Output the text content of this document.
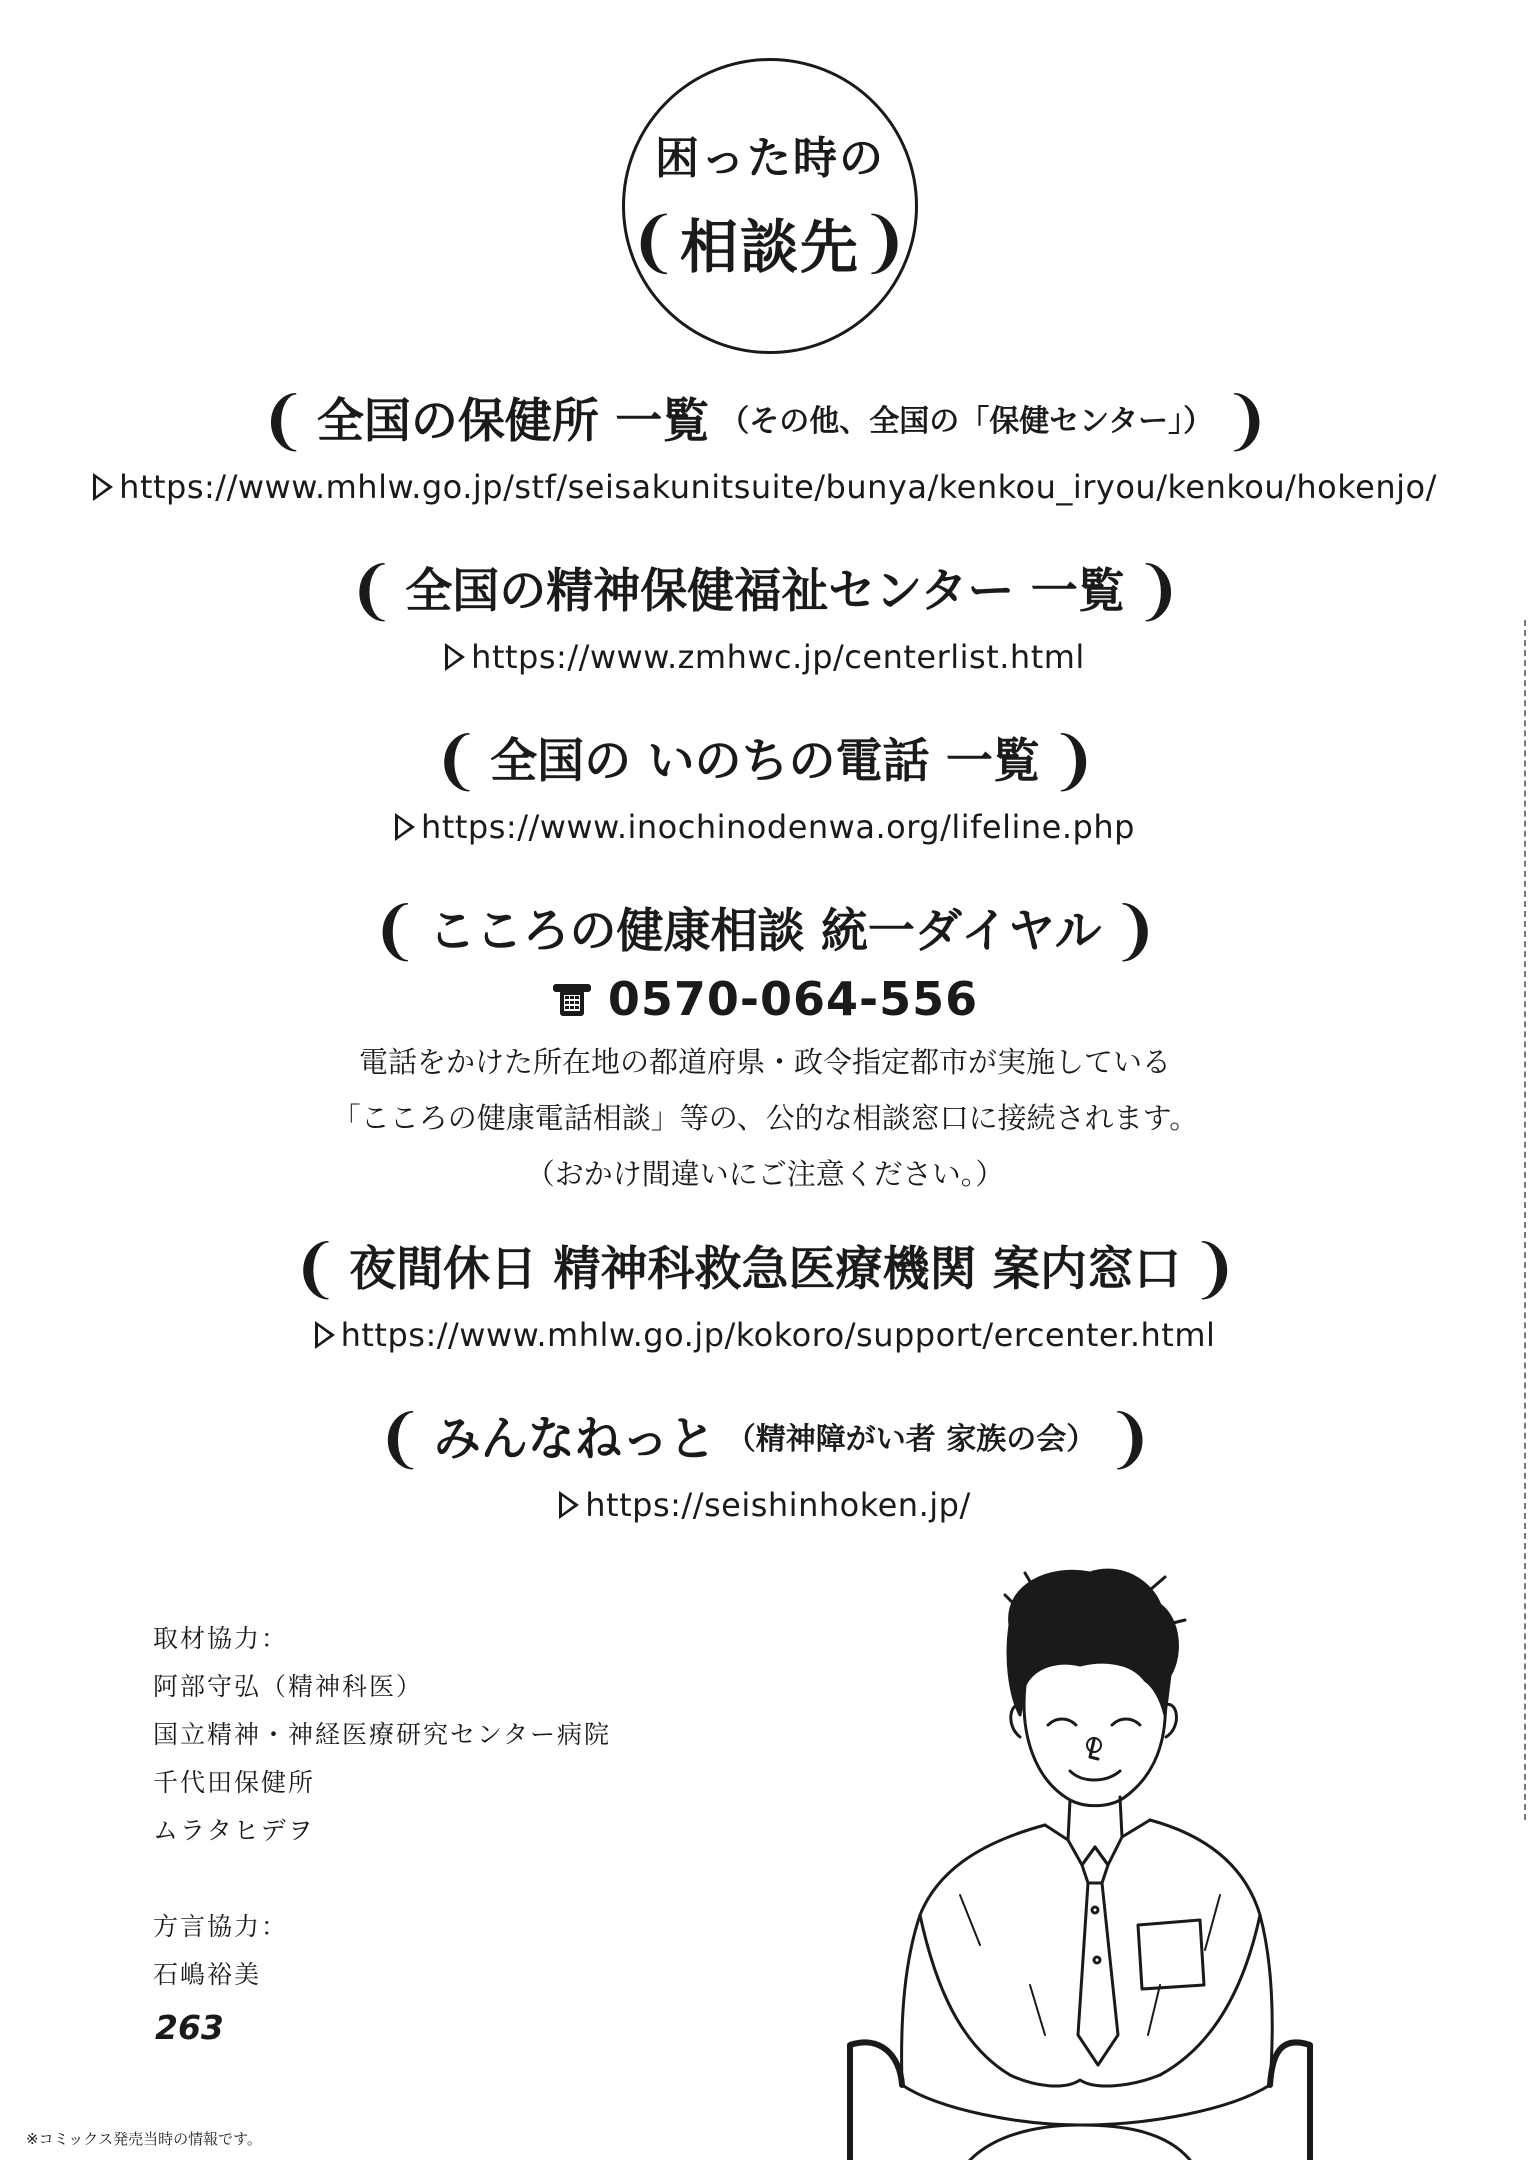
困った時の
❨ 相談先 ❩
❨ 全国の保健所 一覧 （その他、全国の「保健センター」） ❩
https://www.mhlw.go.jp/stf/seisakunitsuite/bunya/kenkou_iryou/kenkou/hokenjo/
❨ 全国の精神保健福祉センター 一覧 ❩
https://www.zmhwc.jp/centerlist.html
❨ 全国の いのちの電話 一覧 ❩
https://www.inochinodenwa.org/lifeline.php
❨ こころの健康相談 統一ダイヤル ❩
0570-064-556
電話をかけた所在地の都道府県・政令指定都市が実施している
「こころの健康電話相談」等の、公的な相談窓口に接続されます。
（おかけ間違いにご注意ください。）
❨ 夜間休日 精神科救急医療機関 案内窓口 ❩
https://www.mhlw.go.jp/kokoro/support/ercenter.html
❨ みんなねっと （精神障がい者 家族の会） ❩
https://seishinhoken.jp/
取材協力：
阿部守弘（精神科医）
国立精神・神経医療研究センター病院
千代田保健所
ムラタヒデヲ
方言協力：
石嶋裕美
263
※コミックス発売当時の情報です。
